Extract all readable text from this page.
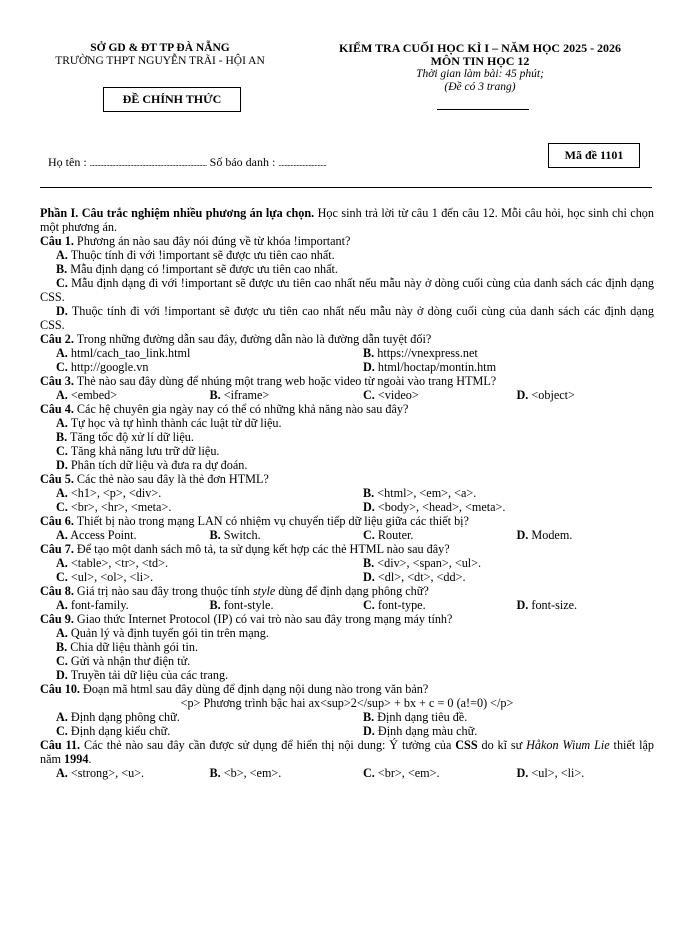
SỞ GD & ĐT TP ĐÀ NẴNG
TRƯỜNG THPT NGUYỄN TRÃI - HỘI AN
ĐỀ CHÍNH THỨC
KIỂM TRA CUỐI HỌC KÌ I – NĂM HỌC 2025 - 2026
MÔN TIN HỌC 12
Thời gian làm bài: 45 phút;
(Đề có 3 trang)
Họ tên : .............................................................................. Số báo danh : ................................
Mã đề 1101
Phần I. Câu trắc nghiệm nhiều phương án lựa chọn. Học sinh trả lời từ câu 1 đến câu 12. Mỗi câu hỏi, học sinh chỉ chọn một phương án.
Câu 1. Phương án nào sau đây nói đúng về từ khóa !important?
A. Thuộc tính đi với !important sẽ được ưu tiên cao nhất.
B. Mẫu định dạng có !important sẽ được ưu tiên cao nhất.
C. Mẫu định dạng đi với !important sẽ được ưu tiên cao nhất nếu mẫu này ở dòng cuối cùng của danh sách các định dạng CSS.
D. Thuộc tính đi với !important sẽ được ưu tiên cao nhất nếu mẫu này ở dòng cuối cùng của danh sách các định dạng CSS.
Câu 2. Trong những đường dẫn sau đây, đường dẫn nào là đường dẫn tuyệt đối?
A. html/cach_tao_link.html	B. https://vnexpress.net
C. http://google.vn	D. html/hoctap/montin.htm
Câu 3. Thẻ nào sau đây dùng để nhúng một trang web hoặc video từ ngoài vào trang HTML?
A. <embed>	B. <iframe>	C. <video>	D. <object>
Câu 4. Các hệ chuyên gia ngày nay có thể có những khả năng nào sau đây?
A. Tự học và tự hình thành các luật từ dữ liệu.
B. Tăng tốc độ xử lí dữ liệu.
C. Tăng khả năng lưu trữ dữ liệu.
D. Phân tích dữ liệu và đưa ra dự đoán.
Câu 5. Các thẻ nào sau đây là thẻ đơn HTML?
A. <h1>, <p>, <div>.	B. <html>, <em>, <a>.
C. <br>, <hr>, <meta>.	D. <body>, <head>, <meta>.
Câu 6. Thiết bị nào trong mạng LAN có nhiệm vụ chuyển tiếp dữ liệu giữa các thiết bị?
A. Access Point.	B. Switch.	C. Router.	D. Modem.
Câu 7. Để tạo một danh sách mô tả, ta sử dụng kết hợp các thẻ HTML nào sau đây?
A. <table>, <tr>, <td>.	B. <div>, <span>, <ul>.
C. <ul>, <ol>, <li>.	D. <dl>, <dt>, <dd>.
Câu 8. Giá trị nào sau đây trong thuộc tính style dùng để định dạng phông chữ?
A. font-family.	B. font-style.	C. font-type.	D. font-size.
Câu 9. Giao thức Internet Protocol (IP) có vai trò nào sau đây trong mạng máy tính?
A. Quản lý và định tuyến gói tin trên mạng.
B. Chia dữ liệu thành gói tin.
C. Gửi và nhận thư điện tử.
D. Truyền tải dữ liệu của các trang.
Câu 10. Đoạn mã html sau đây dùng để định dạng nội dung nào trong văn bản?
<p> Phương trình bậc hai ax<sup>2</sup> + bx + c = 0 (a!=0) </p>
A. Định dạng phông chữ.	B. Định dạng tiêu đề.
C. Định dạng kiểu chữ.	D. Định dạng màu chữ.
Câu 11. Các thẻ nào sau đây cần được sử dụng để hiển thị nội dung: Ý tưởng của CSS do kĩ sư Håkon Wium Lie thiết lập năm 1994.
A. <strong>, <u>.	B. <b>, <em>.	C. <br>, <em>.	D. <ul>, <li>.
